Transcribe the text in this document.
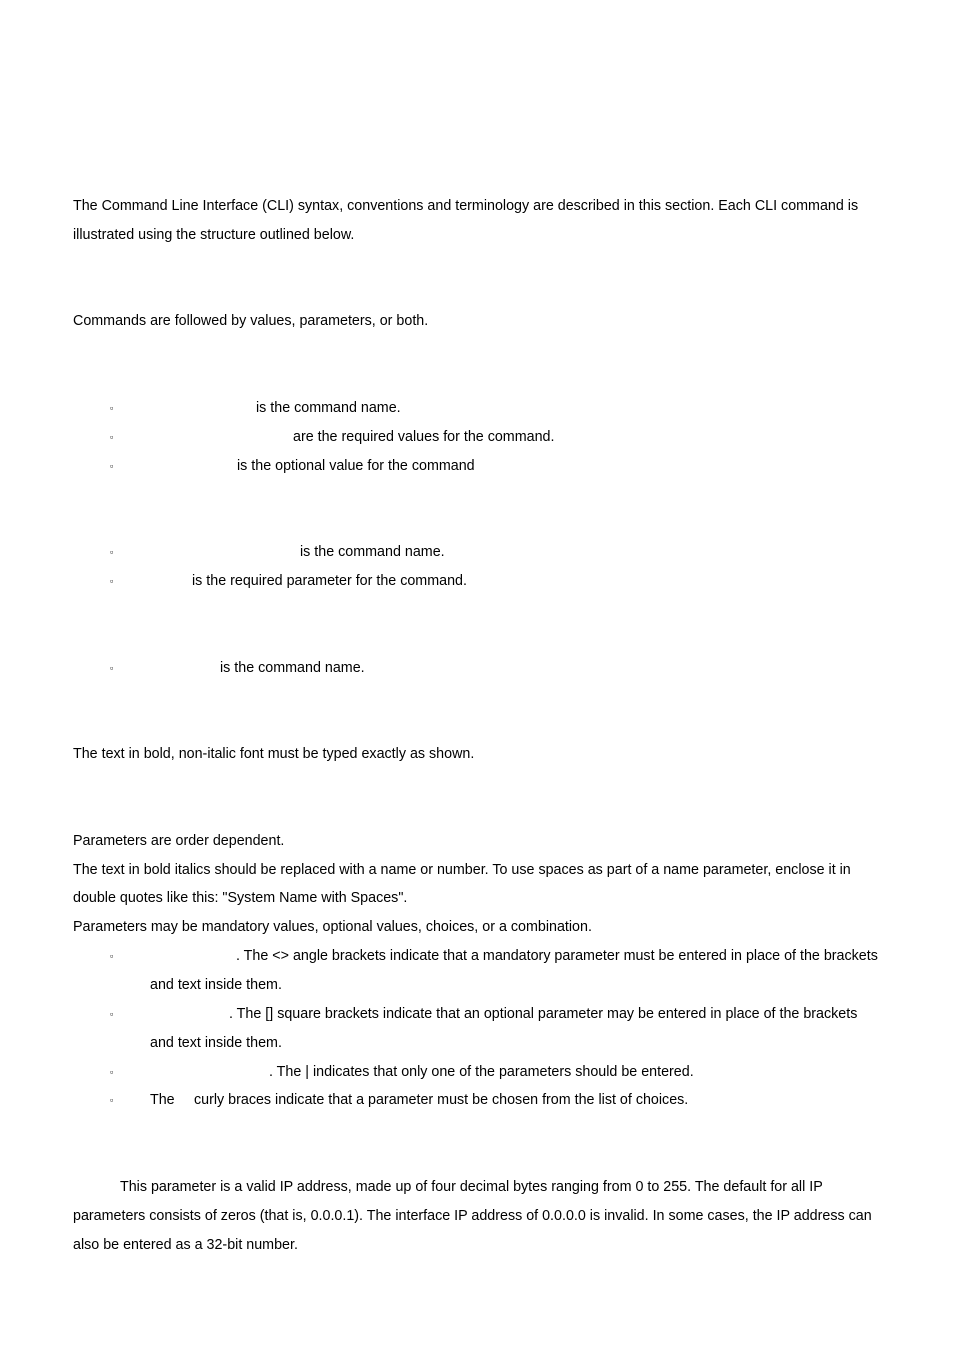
The Command Line Interface (CLI) syntax, conventions and terminology are described in this section. Each CLI command is
illustrated using the structure outlined below.
Commands are followed by values, parameters, or both.
▫	is the command name.
▫	are the required values for the command.
▫	is the optional value for the command
▫	is the command name.
▫	is the required parameter for the command.
▫	is the command name.
The text in bold, non-italic font must be typed exactly as shown.
Parameters are order dependent.
The text in bold italics should be replaced with a name or number. To use spaces as part of a name parameter, enclose it in
double quotes like this: "System Name with Spaces".
Parameters may be mandatory values, optional values, choices, or a combination.
▫	. The <> angle brackets indicate that a mandatory parameter must be entered in place of the brackets
and text inside them.
▫	. The [] square brackets indicate that an optional parameter may be entered in place of the brackets
and text inside them.
▫	. The | indicates that only one of the parameters should be entered.
▫	The curly braces indicate that a parameter must be chosen from the list of choices.
This parameter is a valid IP address, made up of four decimal bytes ranging from 0 to 255. The default for all IP
parameters consists of zeros (that is, 0.0.0.1). The interface IP address of 0.0.0.0 is invalid. In some cases, the IP address can
also be entered as a 32-bit number.
